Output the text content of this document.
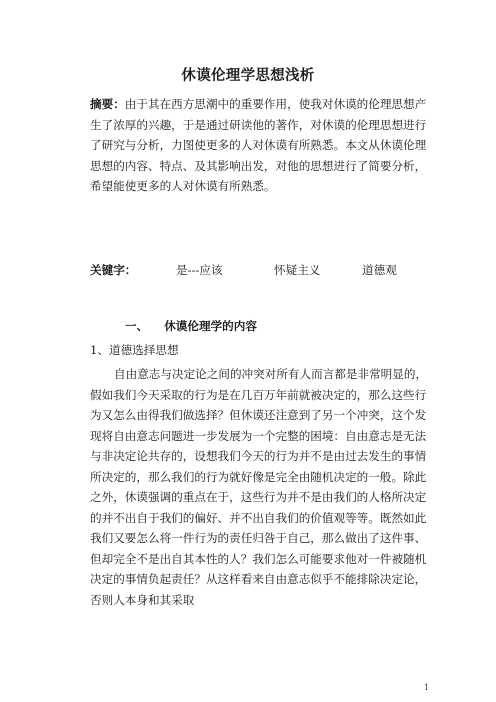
休谟伦理学思想浅析

摘要：由于其在西方思潮中的重要作用，使我对休谟的伦理思想产生了浓厚的兴趣，于是通过研读他的著作，对休谟的伦理思想进行了研究与分析，力图使更多的人对休谟有所熟悉。本文从休谟伦理思想的内容、特点、及其影响出发，对他的思想进行了简要分析，希望能使更多的人对休谟有所熟悉。

关键字：	是---应该	怀疑主义	道德观
一、 休谟伦理学的内容
1、道德选择思想

自由意志与决定论之间的冲突对所有人而言都是非常明显的，假如我们今天采取的行为是在几百万年前就被决定的，那么这些行为又怎么由得我们做选择？但休谟还注意到了另一个冲突，这个发现将自由意志问题进一步发展为一个完整的困境：自由意志是无法与非决定论共存的，设想我们今天的行为并不是由过去发生的事情所决定的，那么我们的行为就好像是完全由随机决定的一般。除此之外，休谟强调的重点在于，这些行为并不是由我们的人格所决定的并不出自于我们的偏好、并不出自我们的价值观等等。既然如此我们又要怎么将一件行为的责任归咎于自己，那么做出了这件事、但却完全不是出自其本性的人？我们怎么可能要求他对一件被随机决定的事情负起责任？从这样看来自由意志似乎不能排除决定论，否则人本身和其采取

1
